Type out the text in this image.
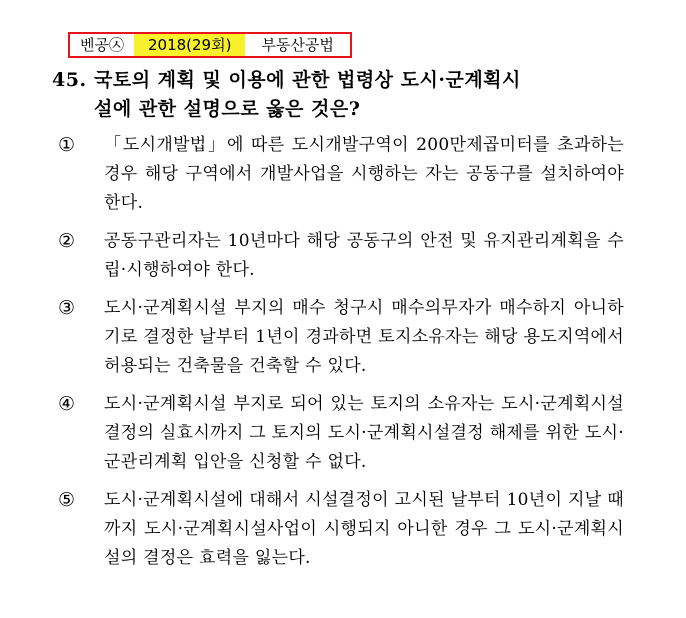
벤공㉦	2018(29회)	부동산공법
45. 국토의 계획 및 이용에 관한 법령상 도시·군계획시
설에 관한 설명으로 옳은 것은?
①	「도시개발법」에 따른 도시개발구역이 200만제곱미터를 초과하는 경우 해당 구역에서 개발사업을 시행하는 자는 공동구를 설치하여야 한다.
②	공동구관리자는 10년마다 해당 공동구의 안전 및 유지관리계획을 수립·시행하여야 한다.
③	도시·군계획시설 부지의 매수 청구시 매수의무자가 매수하지 아니하기로 결정한 날부터 1년이 경과하면 토지소유자는 해당 용도지역에서 허용되는 건축물을 건축할 수 있다.
④	도시·군계획시설 부지로 되어 있는 토지의 소유자는 도시·군계획시설결정의 실효시까지 그 토지의 도시·군계획시설결정 해제를 위한 도시·군관리계획 입안을 신청할 수 없다.
⑤	도시·군계획시설에 대해서 시설결정이 고시된 날부터 10년이 지날 때까지 도시·군계획시설사업이 시행되지 아니한 경우 그 도시·군계획시설의 결정은 효력을 잃는다.
